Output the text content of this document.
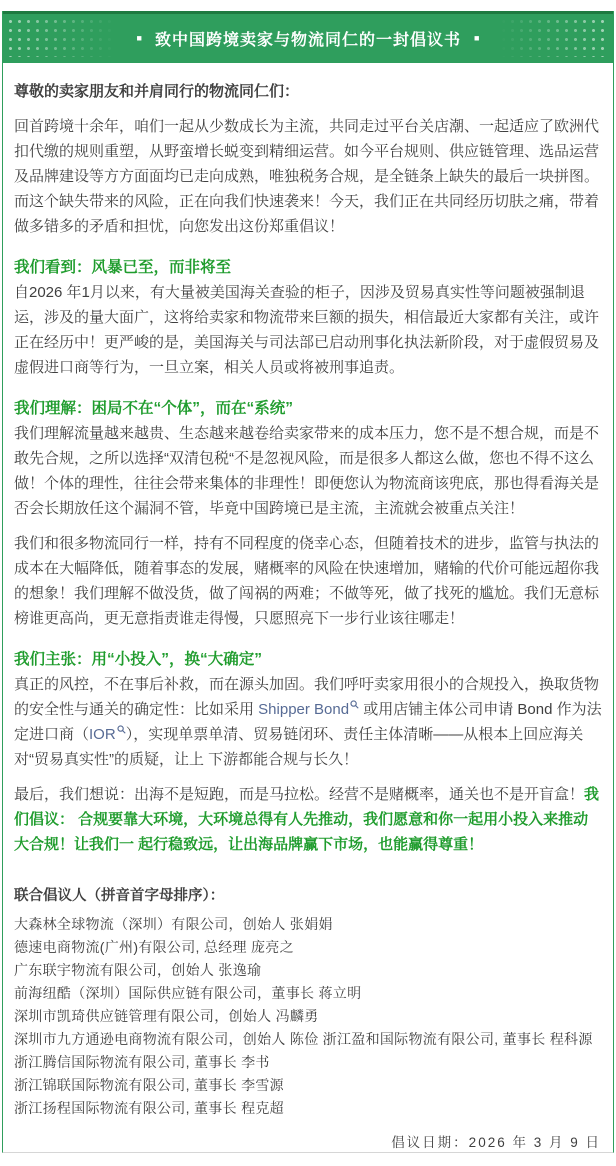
■ 致中国跨境卖家与物流同仁的一封倡议书 ■

尊敬的卖家朋友和并肩同行的物流同仁们：

回首跨境十余年，咱们一起从少数成长为主流，共同走过平台关店潮、一起适应了欧洲代扣代缴的规则重塑，从野蛮增长蜕变到精细运营。如今平台规则、供应链管理、选品运营及品牌建设等方方面面均已走向成熟，唯独税务合规，是全链条上缺失的最后一块拼图。而这个缺失带来的风险，正在向我们快速袭来！今天，我们正在共同经历切肤之痛，带着做多错多的矛盾和担忧，向您发出这份郑重倡议！

我们看到：风暴已至，而非将至

自2026 年1月以来，有大量被美国海关查验的柜子，因涉及贸易真实性等问题被强制退运，涉及的量大面广，这将给卖家和物流带来巨额的损失，相信最近大家都有关注，或许正在经历中！更严峻的是，美国海关与司法部已启动刑事化执法新阶段，对于虚假贸易及虚假进口商等行为，一旦立案，相关人员或将被刑事追责。

我们理解：困局不在“个体”，而在“系统”

我们理解流量越来越贵、生态越来越卷给卖家带来的成本压力，您不是不想合规，而是不敢先合规，之所以选择“双清包税“不是忽视风险，而是很多人都这么做，您也不得不这么做！个体的理性，往往会带来集体的非理性！即便您认为物流商该兜底，那也得看海关是否会长期放任这个漏洞不管，毕竟中国跨境已是主流，主流就会被重点关注！

我们和很多物流同行一样，持有不同程度的侥幸心态，但随着技术的进步，监管与执法的成本在大幅降低，随着事态的发展，赌概率的风险在快速增加，赌输的代价可能远超你我的想象！我们理解不做没货，做了闯祸的两难；不做等死，做了找死的尴尬。我们无意标榜谁更高尚，更无意指责谁走得慢，只愿照亮下一步行业该往哪走！

我们主张：用“小投入”，换“大确定”

真正的风控，不在事后补救，而在源头加固。我们呼吁卖家用很小的合规投入，换取货物的安全性与通关的确定性：比如采用 Shipper Bond 或用店铺主体公司申请 Bond 作为法定进口商（IOR ），实现单票单清、贸易链闭环、责任主体清晰——从根本上回应海关对“贸易真实性”的质疑，让上 下游都能合规与长久！

最后，我们想说：出海不是短跑，而是马拉松。经营不是赌概率，通关也不是开盲盒！我们倡议： 合规要靠大环境，大环境总得有人先推动，我们愿意和你一起用小投入来推动大合规！让我们一 起行稳致远，让出海品牌赢下市场，也能赢得尊重！

联合倡议人（拼音首字母排序）：

大森林全球物流（深圳）有限公司，创始人 张娟娟

德速电商物流(广州)有限公司, 总经理 庞亮之

广东联宇物流有限公司，创始人 张逸瑜

前海纽酷（深圳）国际供应链有限公司，董事长 蒋立明

深圳市凯琦供应链管理有限公司，创始人 冯麟勇

深圳市九方通逊电商物流有限公司，创始人 陈俭 浙江盈和国际物流有限公司, 董事长 程科源

浙江腾信国际物流有限公司, 董事长 李书

浙江锦联国际物流有限公司, 董事长 李雪源

浙江扬程国际物流有限公司, 董事长 程克超

倡议日期：2026 年 3 月 9 日
